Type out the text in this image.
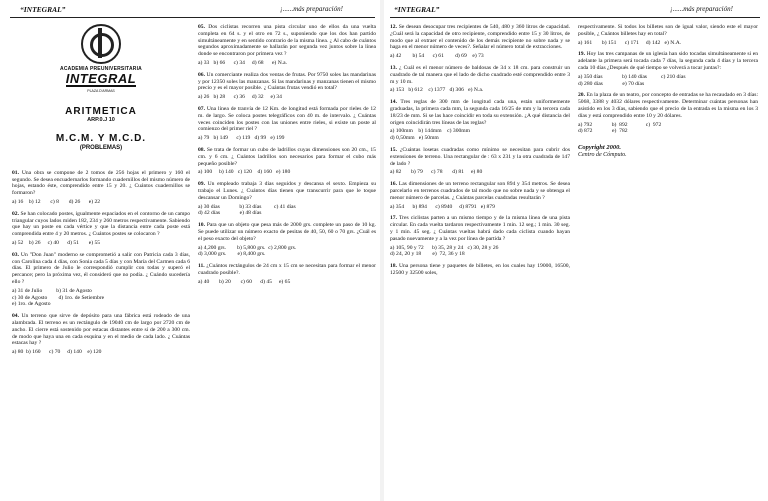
“INTEGRAL”	¡......más preparación!
ACADEMIA PREUNIVERSITARIA
INTEGRAL
PLAZA D'ARMAS
ARITMETICA
ARP.0.J 10
M.C.M. Y M.C.D.
(PROBLEMAS)
01. Una obra se compone de 2 tomos de 256 hojas el primero y 160 el segundo. Se desea encuadernarlos formando cuadernillos del mismo número de hojas, estando éste, comprendido entre 15 y 20. ¿ Cuántos cuadernillos se formaron?
a) 16    b) 12       c) 8       d) 26      e) 22
02. Se han colocado postes, igualmente espaciados en el contorno de un campo triangular cuyos lados miden 182, 234 y 260 metros respectivamente. Sabiendo que hay un poste en cada vértice y que la distancia entre cada poste está comprendida entre 4 y 20 metros. ¿ Cuántos postes se colocaron ?
a) 52    b) 26     c) 40      d) 51       e) 55
03. Un "Don Juan" moderno se comprometió a salir con Patricia cada 3 días, con Carolina cada 4 días, con Sonia cada 5 días y con María del Carmen cada 6 días. El primero de Julio le correspondió cumplir con todas y superó el percance; pero la próxima vez, él consideró que no podía. ¿ Cuándo sucedería ello ?
a) 31 de Julio          b) 31 de Agosto
c) 30 de Agosto        d) 1ro. de Setiembre
e) 1ro. de Agosto
04. Un terreno que sirve de depósito para una fábrica está rodeado de una alambrada. El terreno es un rectángulo de 19040 cm de largo por 2720 cm de ancho. El cierre está sostenido por estacas distantes entre sí de 200 a 300 cm. de modo que haya una en cada esquina y en el medio de cada lado. ¿ Cuántas estacas hay ?
a) 80  b) 160      c) 70     d) 140    e) 120
05. Dos ciclistas recorren una pista circular uno de ellos da una vuelta completa en 64 s. y el otro en 72 s., suponiendo que los dos han partido simultáneamente y en sentido contrario de la misma línea. ¿ Al cabo de cuántos segundos aproximadamente se hallarán por segunda vez juntos sobre la línea donde se encontraron por primera vez ?
a) 33   b) 66      c) 34     d) 68      e) N.a.
06. Un comerciante realiza dos ventas de frutas. Por 9750 soles las mandarinas y por 12350 soles las manzanas. Si las mandarinas y manzanas tienen el mismo precio y es el mayor posible. ¿ Cuántas frutas vendió en total?
a) 26   b) 28      c) 36     d) 32     e) 34
07. Una línea de tranvía de 12 Km. de longitud está formada por rieles de 12 m. de largo. Se coloca postes telegráficos con 40 m. de intervalo. ¿ Cuántas veces coinciden los postes con las uniones entre rieles, si existe un poste al comienzo del primer riel ?
a) 79   b) 149      c) 119   d) 99   e) 199
08. Se trata de formar un cubo de ladrillos cuyas dimensiones son 20 cm., 15 cm. y 6 cm. ¿ Cuántos ladrillos son necesarios para formar el cubo más pequeño posible?
a) 100     b) 140   c) 120    d) 160   e) 180
09. Un empleado trabaja 3 días seguidos y descansa el sexto. Empieza su trabajo el Lunes. ¿ Cuántos días tienen que transcurrir para que le toque descansar un Domingo?
a) 30 días              b) 33 días         c) 41 días
d) 42 días              e) 48 días
10. Para que un objeto que pesa más de 2000 grs. complete un paso de 10 kg. Se puede utilizar un número exacto de pesitas de 40, 50, 60 o 70 grs. ¿Cuál es el peso exacto del objeto?
a) 4,200 grs.        b) 5,800 grs.  c) 2,800 grs.
d) 3,000 grs.        e) 8,400 grs.
11. ¿Cuántos rectángulos de 24 cm x 15 cm se necesitan para formar el menor cuadrado posible?.
a) 40       b) 20       c) 60      d) 45     e) 65
“INTEGRAL”	¡......más preparación!
12. Se desean desocupar tres recipientes de 540, 480 y 360 litros de capacidad. ¿Cuál será la capacidad de otro recipiente, comprendido entre 15 y 30 litros, de modo que al extraer el contenido de los demás recipiente no sobre nada y se haga en el menor número de veces?. Señalar el número total de extracciones.
a) 42        b) 54      c) 61        d) 69    e) 73
13. ¿ Cuál es el menor número de baldosas de 34 x 18 cm. para construir un cuadrado de tal manera que el lado de dicho cuadrado esté comprendido entre 3 m y 10 m.
a) 153   b) 612    c) 1377   d) 306   e) N.a.
14. Tres reglas de 300 mm de longitud cada una, están uniformemente graduadas, la primera cada mm, la segunda cada 16/25 de mm y la tercera cada 18/23 de mm. Si se las hace coincidir en toda su extensión. ¿A qué distancia del origen coincidirán tres líneas de las reglas?
a) 100mm    b) 144mm    c) 300mm
d) 0,50mm   e) 50mm
15. ¿Cuántas losetas cuadradas como mínimo se necesitan para cubrir dos extensiones de terreno. Una rectangular de : 63 x 231 y la otra cuadrada de 147 de lado ?
a) 82       b) 79      c) 78       d) 81     e) 80
16. Las dimensiones de un terreno rectangular son 894 y 354 metros. Se desea parcelarlo en terrenos cuadrados de tal modo que no sobre nada y se obtenga el menor número de parcelas. ¿ Cuántas parcelas cuadradas resultarán ?
a) 354      b) 894      c) 8940     d) 8791   e) 879
17. Tres ciclistas parten a un mismo tiempo y de la misma línea de una pista circular. En cada vuelta tardaron respectivamente 1 min. 12 seg.; 1 min. 30 seg. y 1 min. 45 seg. ¿ Cuántas vueltas habrá dado cada ciclista cuando hayan pasado nuevamente y a la vez por línea de partida ?
a) 105, 90 y 72      b) 35, 28 y 24   c) 30, 28 y 26
d) 24, 20 y 18        e)  72, 36 y 18
18. Una persona tiene y paquetes de billetes, en los cuales hay 19000, 16500, 12500 y 32500 soles,
respectivamente. Si todos los billetes son de igual valor, siendo este el mayor posible, ¿ Cuántos billetes hay en total?
a) 161       b) 151      c) 171     d) 142   e) N.A.
19. Hoy las tres campanas de un iglesia han sido tocadas simultáneamente si en adelante la primera será tocada cada 7 días, la segunda cada 4 días y la tercera cada 10 días ¿Después de qué tiempo se volverá a tocar juntas?:
a) 350 días              b) 140 días          c) 210 días
d) 280 días              e) 70 días
20. En la plaza de un teatro, por concepto de entradas se ha recaudado en 3 días: 5068, 3388 y 4032 dólares respectivamente. Determinar cuántas personas han asistido en los 3 días, sabiendo que el precio de la entrada es la misma en los 3 días y está comprendido entre 10 y 20 dólares.
a) 792              b)  892             c)  972
d) 872              e)  782
Copyright 2000.
Centro de Cómputo.
